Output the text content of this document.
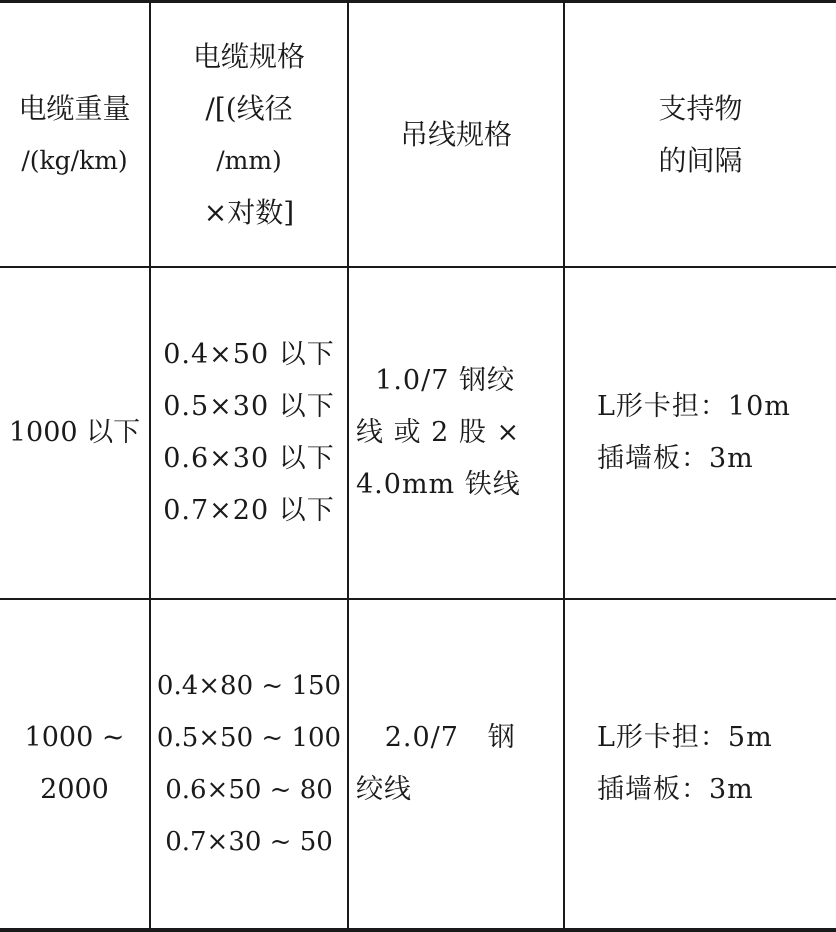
电缆重量
/(kg/km)
电缆规格
/[(线径
/mm)
×对数]
吊线规格
支持物
的间隔
1000 以下
0.4×50 以下
0.5×30 以下
0.6×30 以下
0.7×20 以下
1.0/7 钢绞
线 或 2 股 ×
4.0mm 铁线
L形卡担：10m
插墙板：3m
1000 ~
2000
0.4×80 ~ 150
0.5×50 ~ 100
0.6×50 ~ 80
0.7×30 ~ 50
2.0/7   钢
绞线
L形卡担：5m
插墙板：3m
